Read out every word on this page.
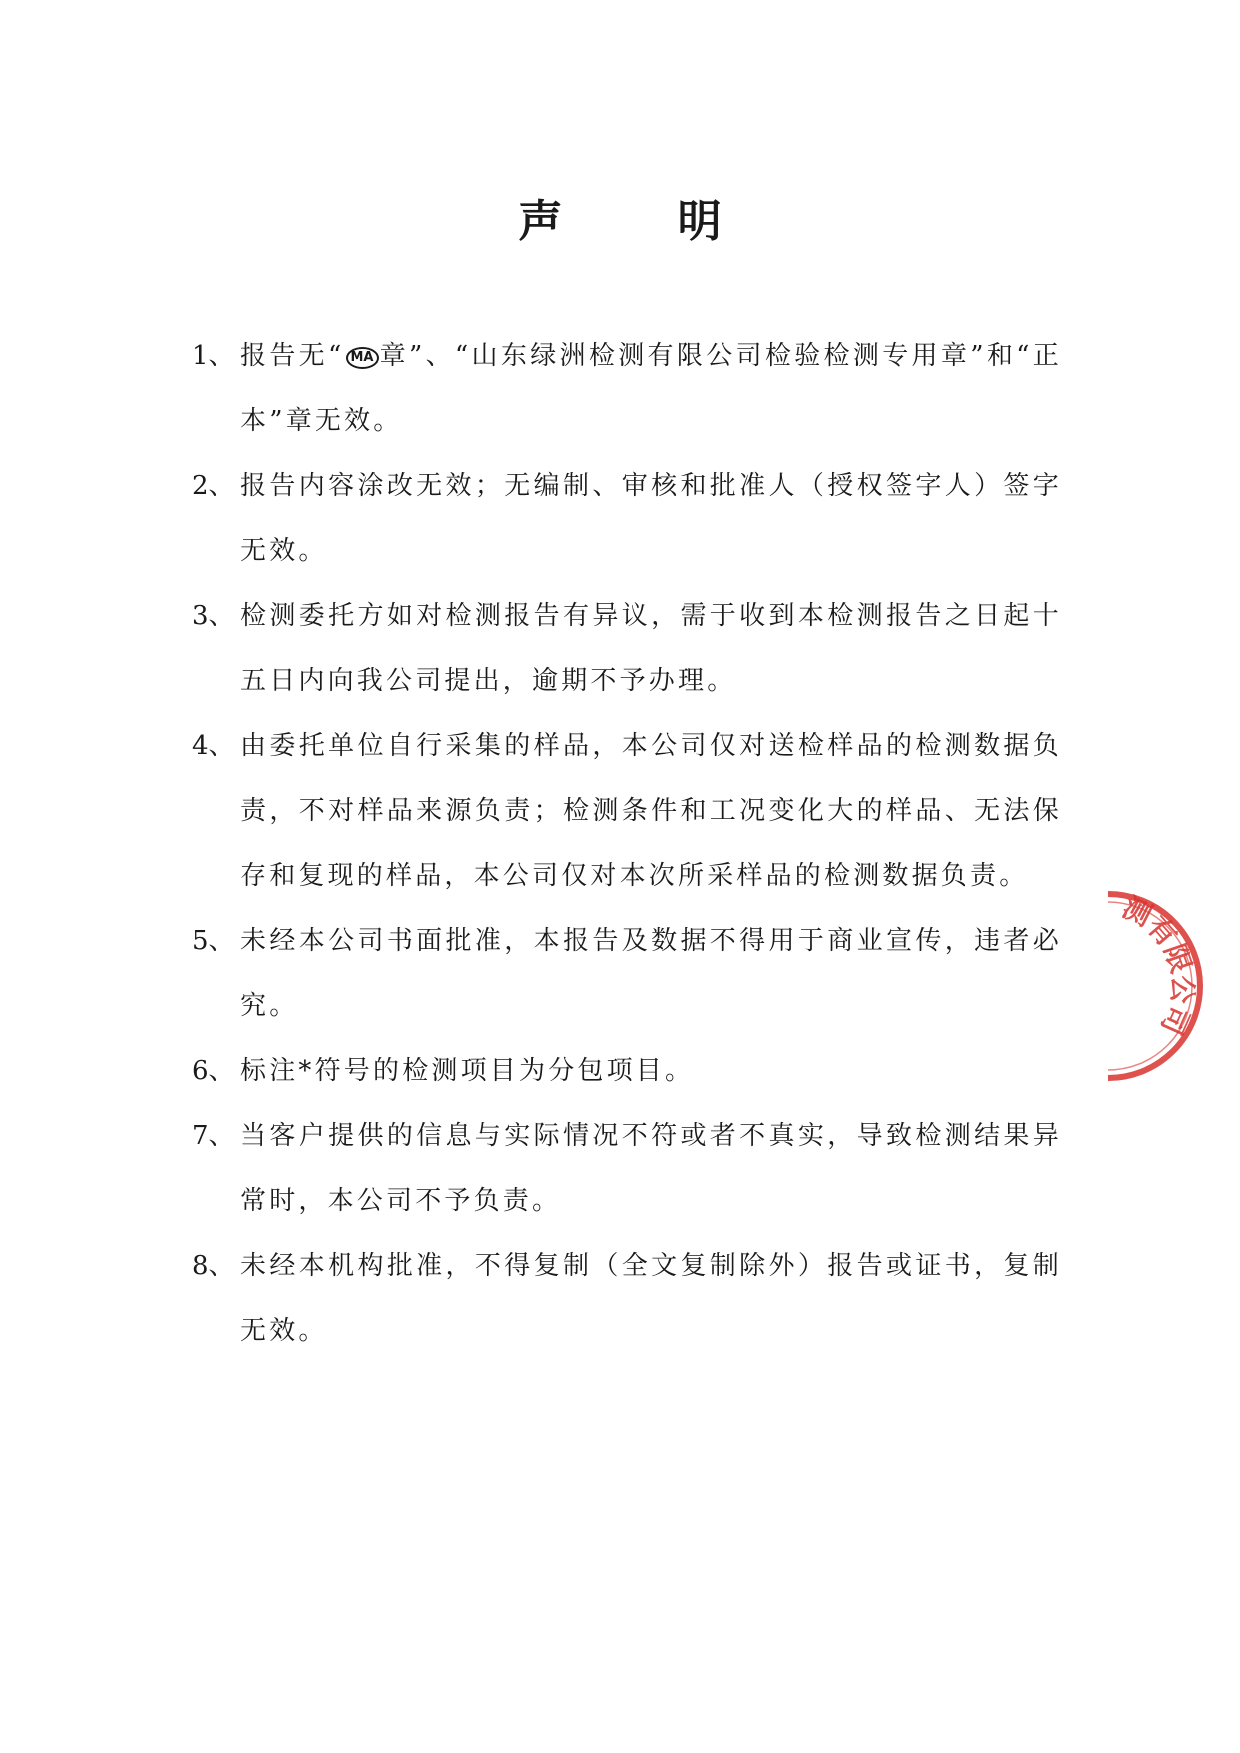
声 明
1、 报告无“ MA 章”、“山东绿洲检测有限公司检验检测专用章”和“正本”章无效。
2、 报告内容涂改无效；无编制、审核和批准人（授权签字人）签字无效。
3、 检测委托方如对检测报告有异议，需于收到本检测报告之日起十五日内向我公司提出，逾期不予办理。
4、 由委托单位自行采集的样品，本公司仅对送检样品的检测数据负责，不对样品来源负责；检测条件和工况变化大的样品、无法保存和复现的样品，本公司仅对本次所采样品的检测数据负责。
5、 未经本公司书面批准，本报告及数据不得用于商业宣传，违者必究。
6、 标注*符号的检测项目为分包项目。
7、 当客户提供的信息与实际情况不符或者不真实，导致检测结果异常时，本公司不予负责。
8、 未经本机构批准，不得复制（全文复制除外）报告或证书，复制无效。
测有限公司
